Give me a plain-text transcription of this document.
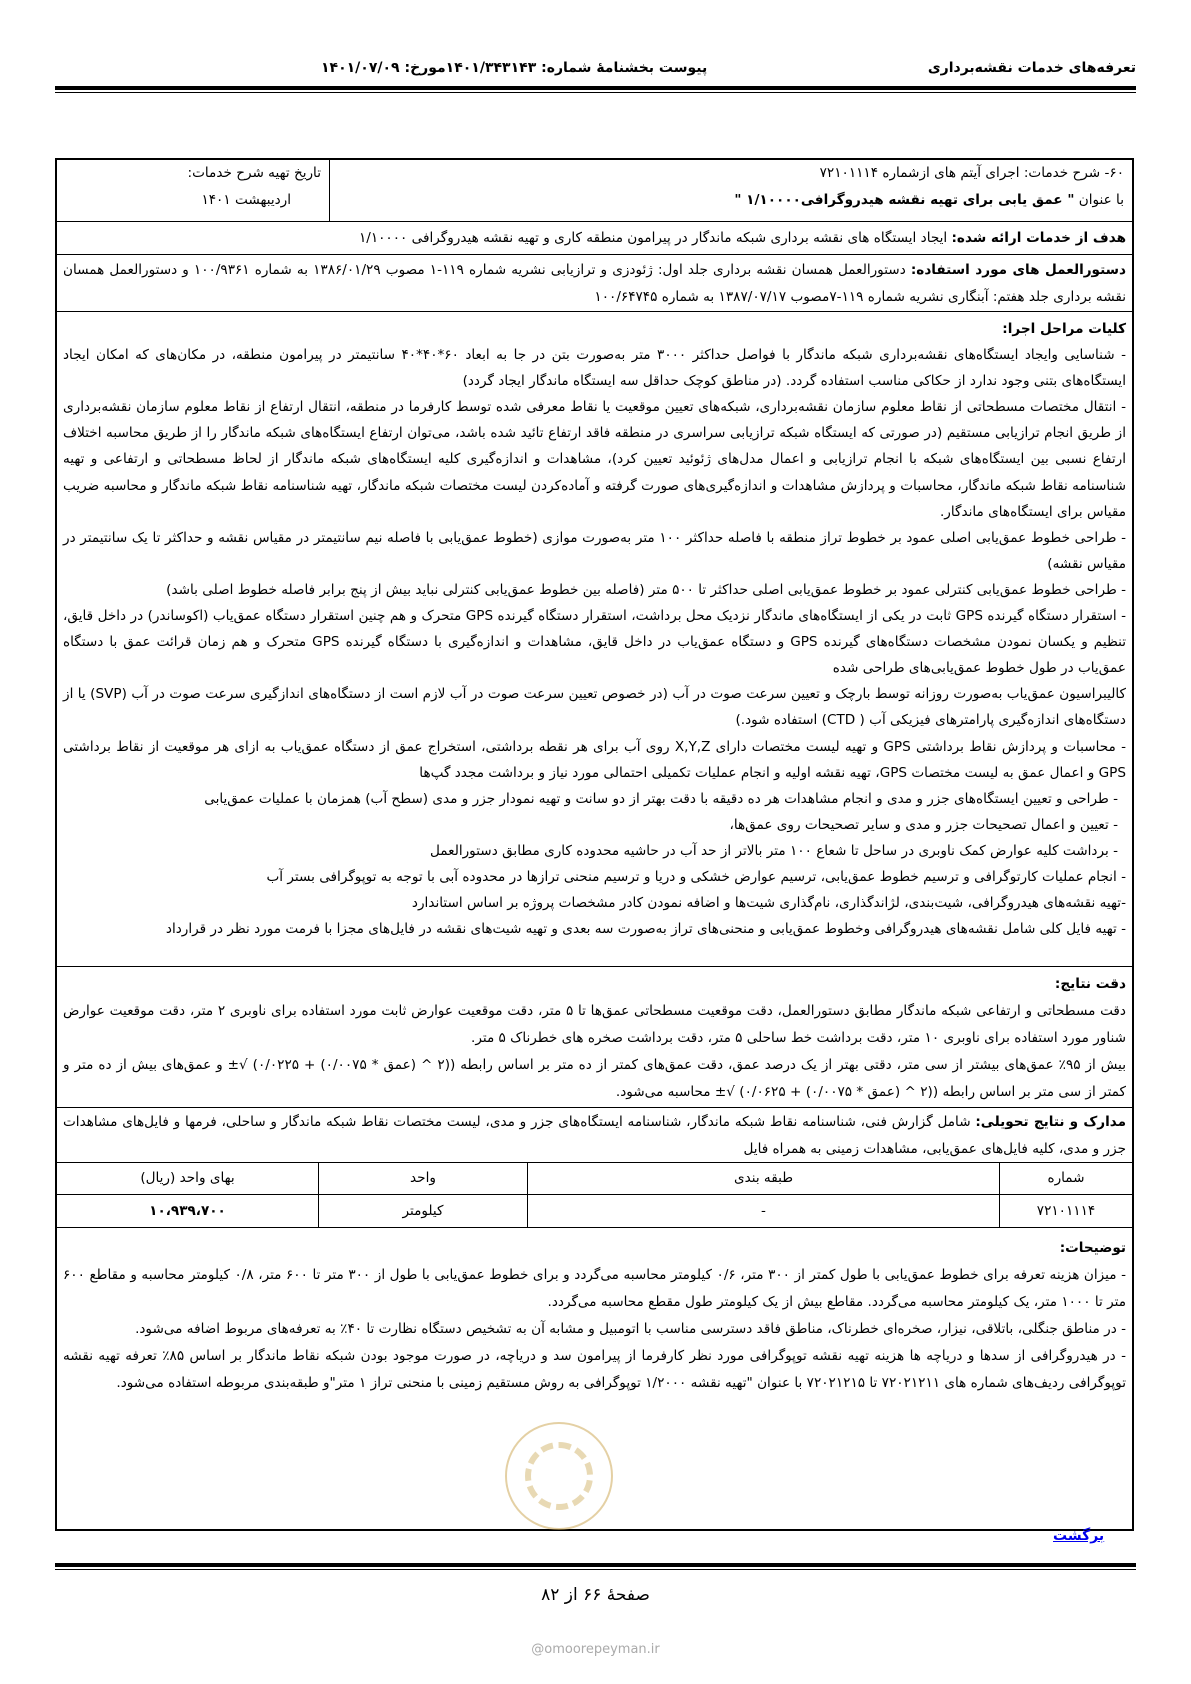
تعرفه‌های خدمات نقشه‌برداری
پیوست بخشنامهٔ شماره: ۱۴۰۱/۳۴۳۱۴۳مورخ: ۱۴۰۱/۰۷/۰۹
۶۰- شرح خدمات: اجرای آیتم های ازشماره ۷۲۱۰۱۱۱۴
با عنوان " عمق یابی برای تهیه نقشه هیدروگرافی۱/۱۰۰۰۰ "
تاریخ تهیه شرح خدمات:
اردیبهشت ۱۴۰۱
هدف از خدمات ارائه شده: ایجاد ایستگاه های نقشه برداری شبکه ماندگار در پیرامون منطقه کاری و تهیه نقشه هیدروگرافی ۱/۱۰۰۰۰
دستورالعمل های مورد استفاده: دستورالعمل همسان نقشه برداری جلد اول: ژئودزی و ترازیابی نشریه شماره ۱۱۹-۱ مصوب ۱۳۸۶/۰۱/۲۹ به شماره ۱۰۰/۹۳۶۱ و دستورالعمل همسان نقشه برداری جلد هفتم: آبنگاری نشریه شماره ۱۱۹-۷مصوب ۱۳۸۷/۰۷/۱۷ به شماره ۱۰۰/۶۴۷۴۵
کلیات مراحل اجرا:
- شناسایی وایجاد ایستگاه‌های نقشه‌برداری شبکه ماندگار با فواصل حداکثر ۳۰۰۰ متر به‌صورت بتن در جا به ابعاد ۶۰*۴۰*۴۰ سانتیمتر در پیرامون منطقه، در مکان‌های که امکان ایجاد ایستگاه‌های بتنی وجود ندارد از حکاکی مناسب استفاده گردد. (در مناطق کوچک حداقل سه ایستگاه ماندگار ایجاد گردد)
- انتقال مختصات مسطحاتی از نقاط معلوم سازمان نقشه‌برداری، شبکه‌های تعیین موقعیت یا نقاط معرفی شده توسط کارفرما در منطقه، انتقال ارتفاع از نقاط معلوم سازمان نقشه‌برداری از طریق انجام ترازیابی مستقیم (در صورتی که ایستگاه شبکه ترازیابی سراسری در منطقه فاقد ارتفاع تائید شده باشد، می‌توان ارتفاع ایستگاه‌های شبکه ماندگار را از طریق محاسبه اختلاف ارتفاع نسبی بین ایستگاه‌های شبکه با انجام ترازیابی و اعمال مدل‌های ژئوئید تعیین کرد)، مشاهدات و اندازه‌گیری کلیه ایستگاه‌های شبکه ماندگار از لحاظ مسطحاتی و ارتفاعی و تهیه شناسنامه نقاط شبکه ماندگار، محاسبات و پردازش مشاهدات و اندازه‌گیری‌های صورت گرفته و آماده‌کردن لیست مختصات شبکه ماندگار، تهیه شناسنامه نقاط شبکه ماندگار و محاسبه ضریب مقیاس برای ایستگاه‌های ماندگار.
- طراحی خطوط عمق‌یابی اصلی عمود بر خطوط تراز منطقه با فاصله حداکثر ۱۰۰ متر به‌صورت موازی (خطوط عمق‌یابی با فاصله نیم سانتیمتر در مقیاس نقشه و حداکثر تا یک سانتیمتر در مقیاس نقشه)
- طراحی خطوط عمق‌یابی کنترلی عمود بر خطوط عمق‌یابی اصلی حداکثر تا ۵۰۰ متر (فاصله بین خطوط عمق‌یابی کنترلی نباید بیش از پنج برابر فاصله خطوط اصلی باشد)
- استقرار دستگاه گیرنده GPS ثابت در یکی از ایستگاه‌های ماندگار نزدیک محل برداشت، استقرار دستگاه گیرنده GPS متحرک و هم چنین استقرار دستگاه عمق‌یاب (اکوساندر) در داخل قایق، تنظیم و یکسان نمودن مشخصات دستگاه‌های گیرنده GPS و دستگاه عمق‌یاب در داخل قایق، مشاهدات و اندازه‌گیری با دستگاه گیرنده GPS متحرک و هم زمان قرائت عمق با دستگاه عمق‌یاب در طول خطوط عمق‌یابی‌های طراحی شده
کالیبراسیون عمق‌یاب به‌صورت روزانه توسط بارچک و تعیین سرعت صوت در آب (در خصوص تعیین سرعت صوت در آب لازم است از دستگاه‌های اندازگیری سرعت صوت در آب (SVP) یا از دستگاه‌های اندازه‌گیری پارامترهای فیزیکی آب ( CTD) استفاده شود.)
- محاسبات و پردازش نقاط برداشتی GPS و تهیه لیست مختصات دارای X,Y,Z روی آب برای هر نقطه برداشتی، استخراج عمق از دستگاه عمق‌یاب به ازای هر موقعیت از نقاط برداشتی GPS و اعمال عمق به لیست مختصات GPS، تهیه نقشه اولیه و انجام عملیات تکمیلی احتمالی مورد نیاز و برداشت مجدد گپ‌ها
- طراحی و تعیین ایستگاه‌های جزر و مدی و انجام مشاهدات هر ده دقیقه با دقت بهتر از دو سانت و تهیه نمودار جزر و مدی (سطح آب) همزمان با عملیات عمق‌یابی
- تعیین و اعمال تصحیحات جزر و مدی و سایر تصحیحات روی عمق‌ها،
- برداشت کلیه عوارض کمک ناوبری در ساحل تا شعاع ۱۰۰ متر بالاتر از حد آب در حاشیه محدوده کاری مطابق دستورالعمل
- انجام عملیات کارتوگرافی و ترسیم خطوط عمق‌یابی، ترسیم عوارض خشکی و دریا و ترسیم منحنی ترازها در محدوده آبی با توجه به توپوگرافی بستر آب
-تهیه نقشه‌های هیدروگرافی، شیت‌بندی، لژاندگذاری، نام‌گذاری شیت‌ها و اضافه نمودن کادر مشخصات پروژه بر اساس استاندارد
- تهیه فایل کلی شامل نقشه‌های هیدروگرافی وخطوط عمق‌یابی و منحنی‌های تراز به‌صورت سه بعدی و تهیه شیت‌های نقشه در فایل‌های مجزا با فرمت مورد نظر در قرارداد
دقت نتایج:
دقت مسطحاتی و ارتفاعی شبکه ماندگار مطابق دستورالعمل، دقت موقعیت مسطحاتی عمق‌ها تا ۵ متر، دقت موقعیت عوارض ثابت مورد استفاده برای ناوبری ۲ متر، دقت موقعیت عوارض شناور مورد استفاده برای ناوبری ۱۰ متر، دقت برداشت خط ساحلی ۵ متر، دقت برداشت صخره های خطرناک ۵ متر.
بیش از ۹۵٪ عمق‌های بیشتر از سی متر، دقتی بهتر از یک درصد عمق، دقت عمق‌های کمتر از ده متر بر اساس رابطه ((۲ ^ (عمق * ۰/۰۰۷۵) + ۰/۰۲۲۵) √± و عمق‌های بیش از ده متر و کمتر از سی متر بر اساس رابطه ((۲ ^ (عمق * ۰/۰۰۷۵) + ۰/۰۶۲۵) √± محاسبه می‌شود.
مدارک و نتایج تحویلی: شامل گزارش فنی، شناسنامه نقاط شبکه ماندگار، شناسنامه ایستگاه‌های جزر و مدی، لیست مختصات نقاط شبکه ماندگار و ساحلی، فرمها و فایل‌های مشاهدات جزر و مدی، کلیه فایل‌های عمق‌یابی، مشاهدات زمینی به همراه فایل
شماره
۷۲۱۰۱۱۱۴
طبقه بندی
-
واحد
کیلومتر
بهای واحد (ریال)
۱۰،۹۳۹،۷۰۰
توضیحات:
- میزان هزینه تعرفه برای خطوط عمق‌یابی با طول کمتر از ۳۰۰ متر، ۰/۶ کیلومتر محاسبه می‌گردد و برای خطوط عمق‌یابی با طول از ۳۰۰ متر تا ۶۰۰ متر، ۰/۸ کیلومتر محاسبه و مقاطع ۶۰۰ متر تا ۱۰۰۰ متر، یک کیلومتر محاسبه می‌گردد. مقاطع بیش از یک کیلومتر طول مقطع محاسبه می‌گردد.
- در مناطق جنگلی، باتلاقی، نیزار، صخره‌ای خطرناک، مناطق فاقد دسترسی مناسب با اتومبیل و مشابه آن به تشخیص دستگاه نظارت تا ۴۰٪ به تعرفه‌های مربوط اضافه می‌شود.
- در هیدروگرافی از سدها و دریاچه ها هزینه تهیه نقشه توپوگرافی مورد نظر کارفرما از پیرامون سد و دریاچه، در صورت موجود بودن شبکه نقاط ماندگار بر اساس ۸۵٪ تعرفه تهیه نقشه توپوگرافی ردیف‌های شماره های ۷۲۰۲۱۲۱۱ تا ۷۲۰۲۱۲۱۵ با عنوان "تهیه نقشه ۱/۲۰۰۰ توپوگرافی به روش مستقیم زمینی با منحنی تراز ۱ متر"و طبقه‌بندی مربوطه استفاده می‌شود.
برگشت
صفحهٔ ۶۶ از ۸۲
@omoorepeyman.ir
